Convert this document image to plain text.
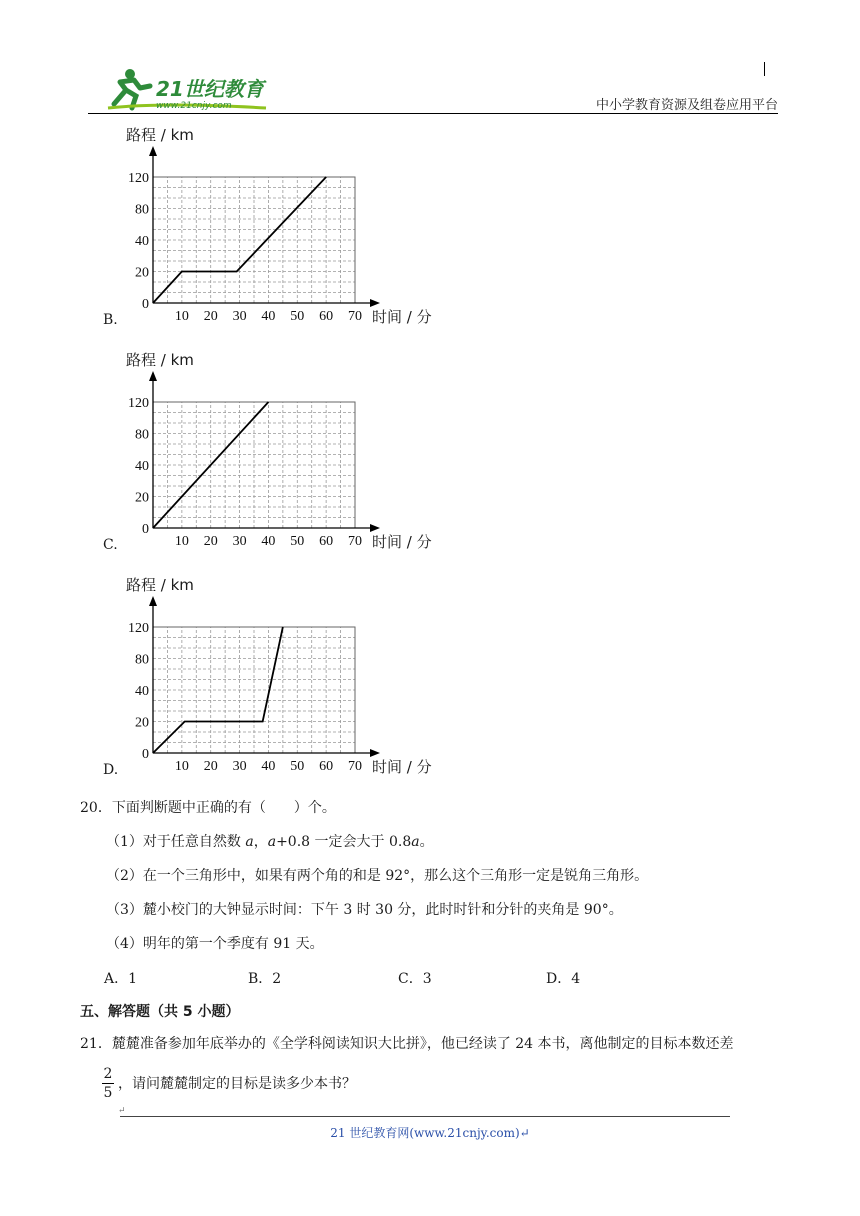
21世纪教育
www.21cnjy.com	中小学教育资源及组卷应用平台
路程 / km
0
20
40
80
120
10 20 30 40 50 60 70 时间 / 分
B.
路程 / km
0
20
40
80
120
10 20 30 40 50 60 70 时间 / 分
C.
路程 / km
0
20
40
80
120
10 20 30 40 50 60 70 时间 / 分
D.
20．下面判断题中正确的有（　　）个。
（1）对于任意自然数 a，a+0.8 一定会大于 0.8a。
（2）在一个三角形中，如果有两个角的和是 92°，那么这个三角形一定是锐角三角形。
（3）麓小校门的大钟显示时间：下午 3 时 30 分，此时时针和分针的夹角是 90°。
（4）明年的第一个季度有 91 天。
A．1	B．2	C．3	D．4
五、解答题（共 5 小题）
21．麓麓准备参加年底举办的《全学科阅读知识大比拼》，他已经读了 24 本书，离他制定的目标本数还差
2
5
，请问麓麓制定的目标是读多少本书？
↵
21 世纪教育网(www.21cnjy.com)↵
